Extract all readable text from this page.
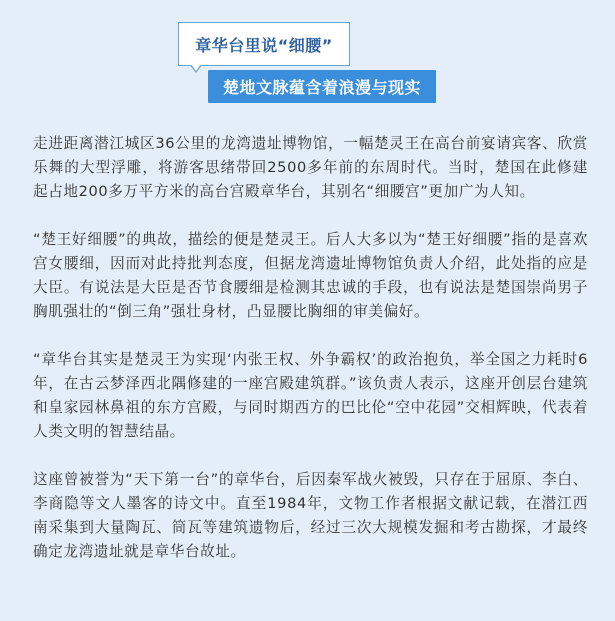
章华台里说“细腰”
楚地文脉蕴含着浪漫与现实

走进距离潜江城区36公里的龙湾遗址博物馆，一幅楚灵王在高台前宴请宾客、欣赏乐舞的大型浮雕，将游客思绪带回2500多年前的东周时代。当时，楚国在此修建起占地200多万平方米的高台宫殿章华台，其别名“细腰宫”更加广为人知。

“楚王好细腰”的典故，描绘的便是楚灵王。后人大多以为“楚王好细腰”指的是喜欢宫女腰细，因而对此持批判态度，但据龙湾遗址博物馆负责人介绍，此处指的应是大臣。有说法是大臣是否节食腰细是检测其忠诚的手段，也有说法是楚国崇尚男子胸肌强壮的“倒三角”强壮身材，凸显腰比胸细的审美偏好。

“章华台其实是楚灵王为实现‘内张王权、外争霸权’的政治抱负，举全国之力耗时6年，在古云梦泽西北隅修建的一座宫殿建筑群。”该负责人表示，这座开创层台建筑和皇家园林鼻祖的东方宫殿，与同时期西方的巴比伦“空中花园”交相辉映，代表着人类文明的智慧结晶。

这座曾被誉为“天下第一台”的章华台，后因秦军战火被毁，只存在于屈原、李白、李商隐等文人墨客的诗文中。直至1984年，文物工作者根据文献记载，在潜江西南采集到大量陶瓦、筒瓦等建筑遗物后，经过三次大规模发掘和考古勘探，才最终确定龙湾遗址就是章华台故址。
